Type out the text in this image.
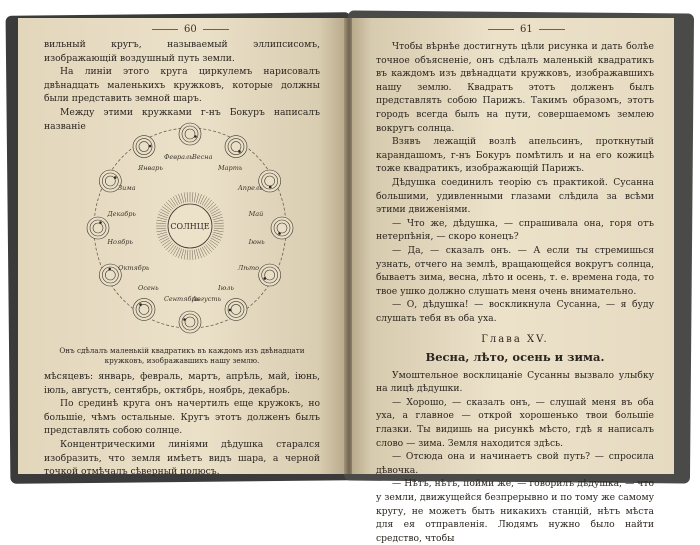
60

вильный кругъ, называемый эллипсисомъ, изображающій воздушный путь земли.

На линіи этого круга циркулемъ нарисовалъ двѣнадцать маленькихъ кружковъ, которые должны были представить земной шаръ.

Между этими кружками г-нъ Бокуръ написалъ названіе

СОЛНЦЕ
Весна
Марть
Апрель
Май
Іюнь
Лѣто
Іюль
Августь
Сентябрь
Осень
Октябрь
Ноябрь
Декабрь
Зима
Январь
Февраль
Онъ сдѣлалъ маленькій квадратикъ въ каждомъ изъ двѣнадцати кружковъ, изображавшихъ нашу землю.

мѣсяцевъ: январь, февраль, мартъ, апрѣль, май, іюнь, іюль, августъ, сентябрь, октябрь, ноябрь, декабрь.

По срединѣ круга онъ начертилъ еще кружокъ, но большіе, чѣмъ остальные. Кругъ этотъ долженъ былъ представлять собою солнце.

Концентрическими линіями дѣдушка старался изобразить, что земля имѣетъ видъ шара, а черной точкой отмѣчалъ сѣверный полюсъ.

61

Чтобы вѣрнѣе достигнуть цѣли рисунка и дать болѣе точное объясненіе, онъ сдѣлалъ маленькій квадратикъ въ каждомъ изъ двѣнадцати кружковъ, изображавшихъ нашу землю. Квадратъ этотъ долженъ былъ представлять собою Парижъ. Такимъ образомъ, этотъ городъ всегда былъ на пути, совершаемомъ землею вокругъ солнца.

Взявъ лежащій возлѣ апельсинъ, проткнутый карандашомъ, г-нъ Бокуръ помѣтилъ и на его кожицѣ тоже квадратикъ, изображающій Парижъ.

Дѣдушка соединилъ теорію съ практикой. Сусанна большими, удивленными глазами слѣдила за всѣми этими движеніями.

— Что же, дѣдушка, — спрашивала она, горя отъ нетерпѣнія, — скоро конецъ?

— Да, — сказалъ онъ. — А если ты стремишься узнать, отчего на землѣ, вращающейся вокругъ солнца, бываетъ зима, весна, лѣто и осень, т. е. времена года, то твое ушко должно слушать меня очень внимательно.

— О, дѣдушка! — воскликнула Сусанна, — я буду слушать тебя въ оба уха.

Глава XV.
Весна, лѣто, осень и зима.

Умоштельное восклицаніе Сусанны вызвало улыбку на лицѣ дѣдушки.

— Хорошо, — сказалъ онъ, — слушай меня въ оба уха, а главное — открой хорошенько твои большіе глазки. Ты видишь на рисункѣ мѣсто, гдѣ я написалъ слово — зима. Земля находится здѣсь.

— Отсюда она и начинаетъ свой путь? — спросила дѣвочка.

— Нѣтъ, нѣтъ, пойми же, — говорилъ дѣдушка, — что у земли, движущейся безпрерывно и по тому же самому кругу, не можетъ быть никакихъ станцій, нѣтъ мѣста для ея отправленія. Людямъ нужно было найти средство, чтобы
